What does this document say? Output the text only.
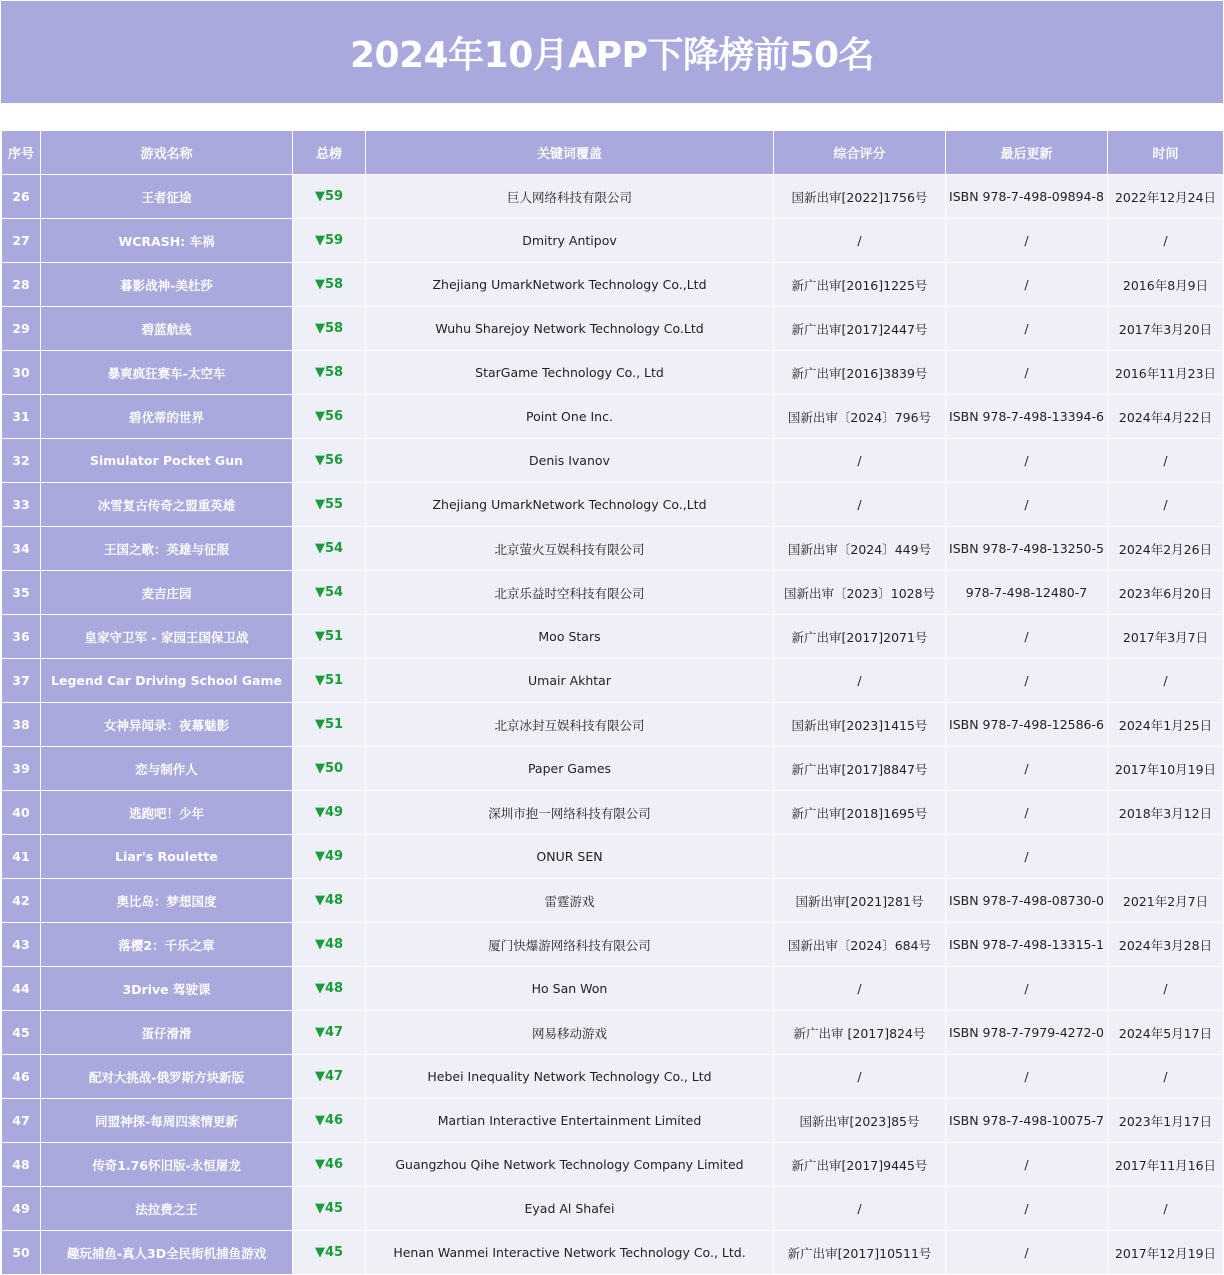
2024年10月APP下降榜前50名
序号	游戏名称	总榜	关键词覆盖	综合评分	最后更新	时间
26	王者征途	▼59	巨人网络科技有限公司	国新出审[2022]1756号	ISBN 978-7-498-09894-8	2022年12月24日
27	WCRASH: 车祸	▼59	Dmitry Antipov	/	/	/
28	暮影战神-美杜莎	▼58	Zhejiang UmarkNetwork Technology Co.,Ltd	新广出审[2016]1225号	/	2016年8月9日
29	碧蓝航线	▼58	Wuhu Sharejoy Network Technology Co.Ltd	新广出审[2017]2447号	/	2017年3月20日
30	暴爽疯狂赛车-太空车	▼58	StarGame Technology Co., Ltd	新广出审[2016]3839号	/	2016年11月23日
31	碧优蒂的世界	▼56	Point One Inc.	国新出审〔2024〕796号	ISBN 978-7-498-13394-6	2024年4月22日
32	Simulator Pocket Gun	▼56	Denis Ivanov	/	/	/
33	冰雪复古传奇之盟重英雄	▼55	Zhejiang UmarkNetwork Technology Co.,Ltd	/	/	/
34	王国之歌：英雄与征服	▼54	北京萤火互娱科技有限公司	国新出审〔2024〕449号	ISBN 978-7-498-13250-5	2024年2月26日
35	麦吉庄园	▼54	北京乐益时空科技有限公司	国新出审〔2023〕1028号	978-7-498-12480-7	2023年6月20日
36	皇家守卫军 - 家园王国保卫战	▼51	Moo Stars	新广出审[2017]2071号	/	2017年3月7日
37	Legend Car Driving School Game	▼51	Umair Akhtar	/	/	/
38	女神异闻录：夜幕魅影	▼51	北京冰封互娱科技有限公司	国新出审[2023]1415号	ISBN 978-7-498-12586-6	2024年1月25日
39	恋与制作人	▼50	Paper Games	新广出审[2017]8847号	/	2017年10月19日
40	逃跑吧！少年	▼49	深圳市抱一网络科技有限公司	新广出审[2018]1695号	/	2018年3月12日
41	Liar's Roulette	▼49	ONUR SEN		/	
42	奥比岛：梦想国度	▼48	雷霆游戏	国新出审[2021]281号	ISBN 978-7-498-08730-0	2021年2月7日
43	落樱2：千乐之章	▼48	厦门快爆游网络科技有限公司	国新出审〔2024〕684号	ISBN 978-7-498-13315-1	2024年3月28日
44	3Drive 驾驶课	▼48	Ho San Won	/	/	/
45	蛋仔滑滑	▼47	网易移动游戏	新广出审 [2017]824号	ISBN 978-7-7979-4272-0	2024年5月17日
46	配对大挑战-俄罗斯方块新版	▼47	Hebei Inequality Network Technology Co., Ltd	/	/	/
47	同盟神探-每周四案情更新	▼46	Martian Interactive Entertainment Limited	国新出审[2023]85号	ISBN 978-7-498-10075-7	2023年1月17日
48	传奇1.76怀旧版-永恒屠龙	▼46	Guangzhou Qihe Network Technology Company Limited	新广出审[2017]9445号	/	2017年11月16日
49	法拉费之王	▼45	Eyad Al Shafei	/	/	/
50	趣玩捕鱼-真人3D全民街机捕鱼游戏	▼45	Henan Wanmei Interactive Network Technology Co., Ltd.	新广出审[2017]10511号	/	2017年12月19日
